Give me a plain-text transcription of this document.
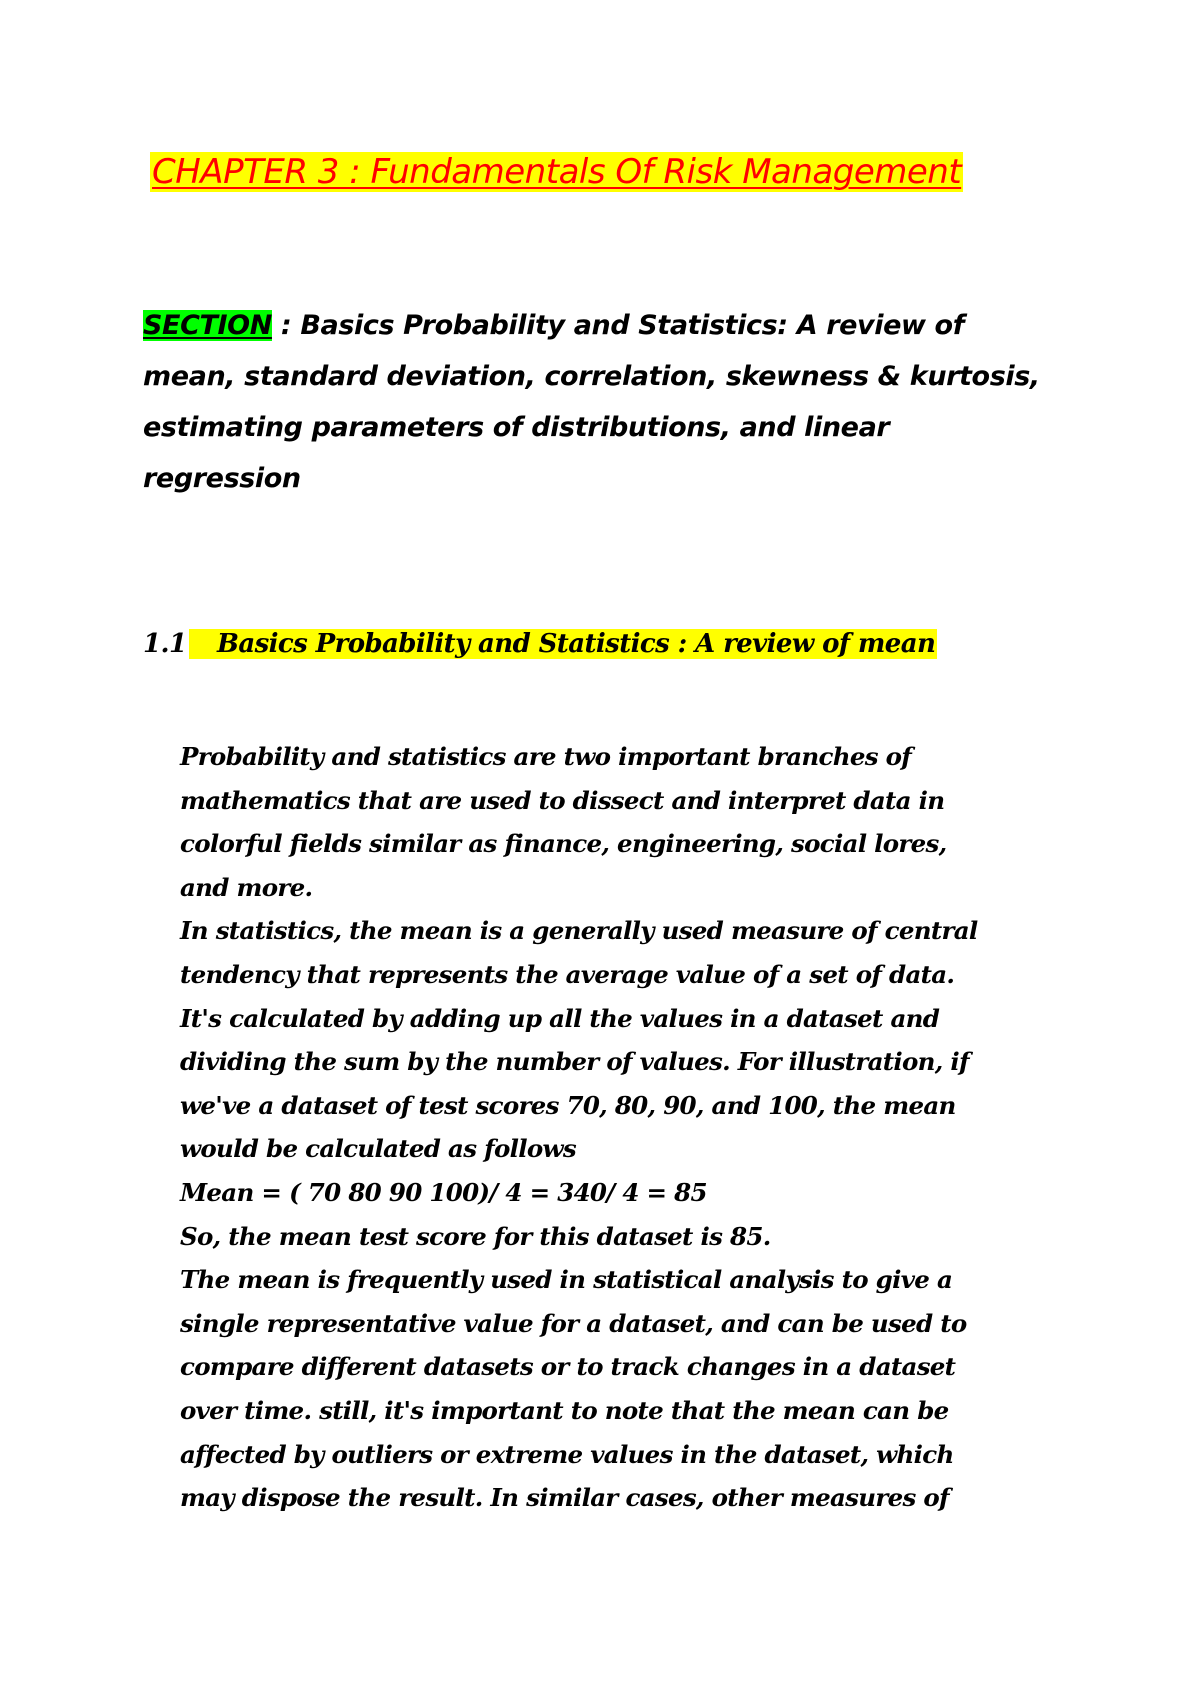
CHAPTER 3 : Fundamentals Of Risk Management

SECTION : Basics Probability and Statistics: A review of
mean, standard deviation, correlation, skewness & kurtosis,
estimating parameters of distributions, and linear
regression

1.1 Basics Probability and Statistics : A review of mean
Probability and statistics are two important branches of
mathematics that are used to dissect and interpret data in
colorful fields similar as finance, engineering, social lores,
and more.
In statistics, the mean is a generally used measure of central
tendency that represents the average value of a set of data.
It's calculated by adding up all the values in a dataset and
dividing the sum by the number of values. For illustration, if
we've a dataset of test scores 70, 80, 90, and 100, the mean
would be calculated as follows
Mean = ( 70 80 90 100)/ 4 = 340/ 4 = 85
So, the mean test score for this dataset is 85.
The mean is frequently used in statistical analysis to give a
single representative value for a dataset, and can be used to
compare different datasets or to track changes in a dataset
over time. still, it's important to note that the mean can be
affected by outliers or extreme values in the dataset, which
may dispose the result. In similar cases, other measures of
